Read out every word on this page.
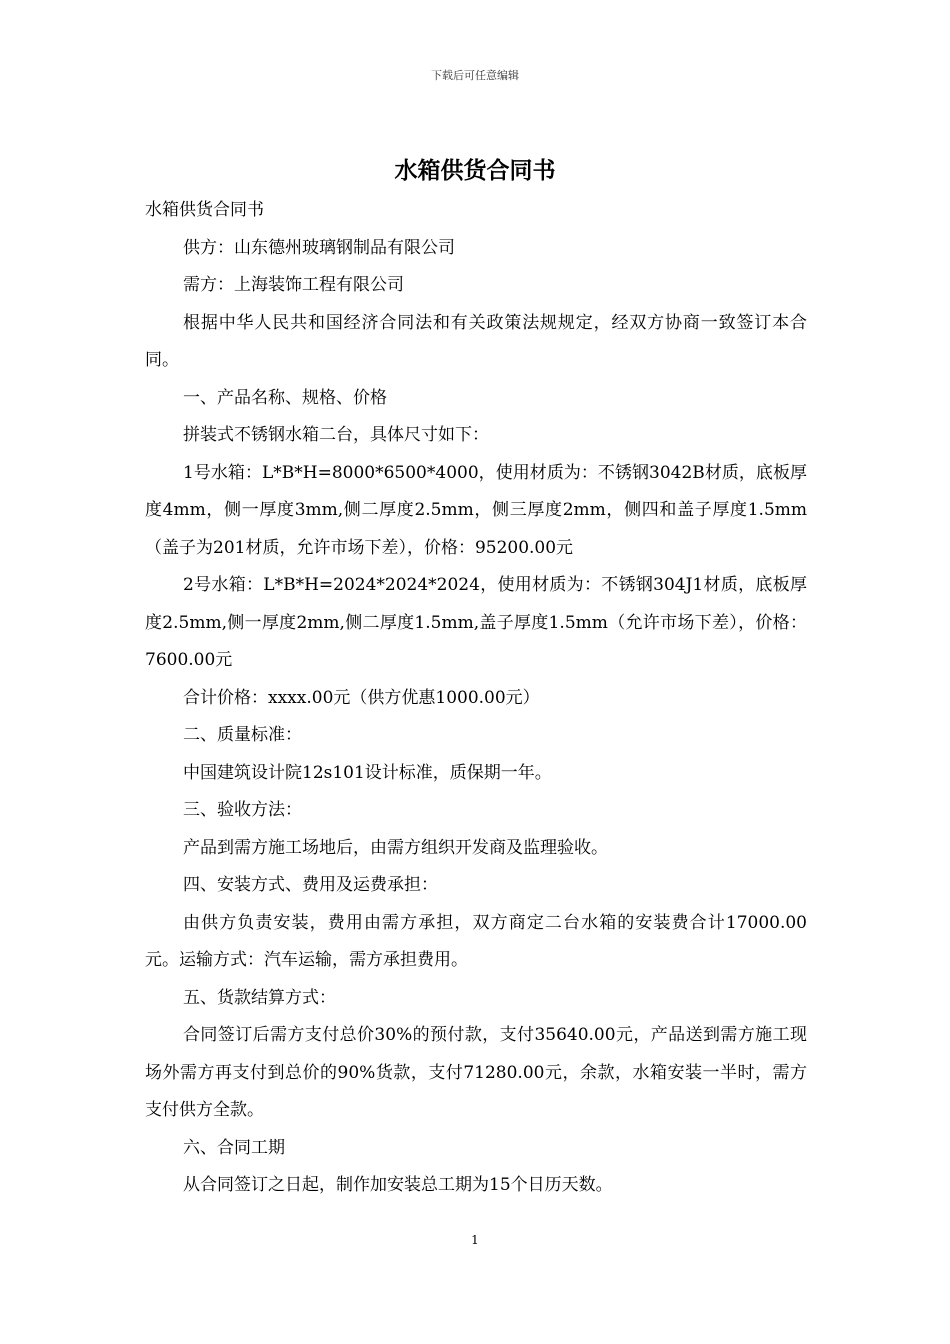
下载后可任意编辑
水箱供货合同书

水箱供货合同书

供方：山东德州玻璃钢制品有限公司

需方：上海装饰工程有限公司

根据中华人民共和国经济合同法和有关政策法规规定，经双方协商一致签订本合同。

一、产品名称、规格、价格

拼装式不锈钢水箱二台，具体尺寸如下：

1号水箱：L*B*H=8000*6500*4000，使用材质为：不锈钢3042B材质，底板厚度4mm，侧一厚度3mm,侧二厚度2.5mm，侧三厚度2mm，侧四和盖子厚度1.5mm（盖子为201材质，允许市场下差），价格：95200.00元

2号水箱：L*B*H=2024*2024*2024，使用材质为：不锈钢304J1材质，底板厚度2.5mm,侧一厚度2mm,侧二厚度1.5mm,盖子厚度1.5mm（允许市场下差），价格：7600.00元

合计价格：xxxx.00元（供方优惠1000.00元）

二、质量标准：

中国建筑设计院12s101设计标准，质保期一年。

三、验收方法：

产品到需方施工场地后，由需方组织开发商及监理验收。

四、安装方式、费用及运费承担：

由供方负责安装，费用由需方承担，双方商定二台水箱的安装费合计17000.00元。运输方式：汽车运输，需方承担费用。

五、货款结算方式：

合同签订后需方支付总价30%的预付款，支付35640.00元，产品送到需方施工现场外需方再支付到总价的90%货款，支付71280.00元，余款，水箱安装一半时，需方支付供方全款。

六、合同工期

从合同签订之日起，制作加安装总工期为15个日历天数。

1
